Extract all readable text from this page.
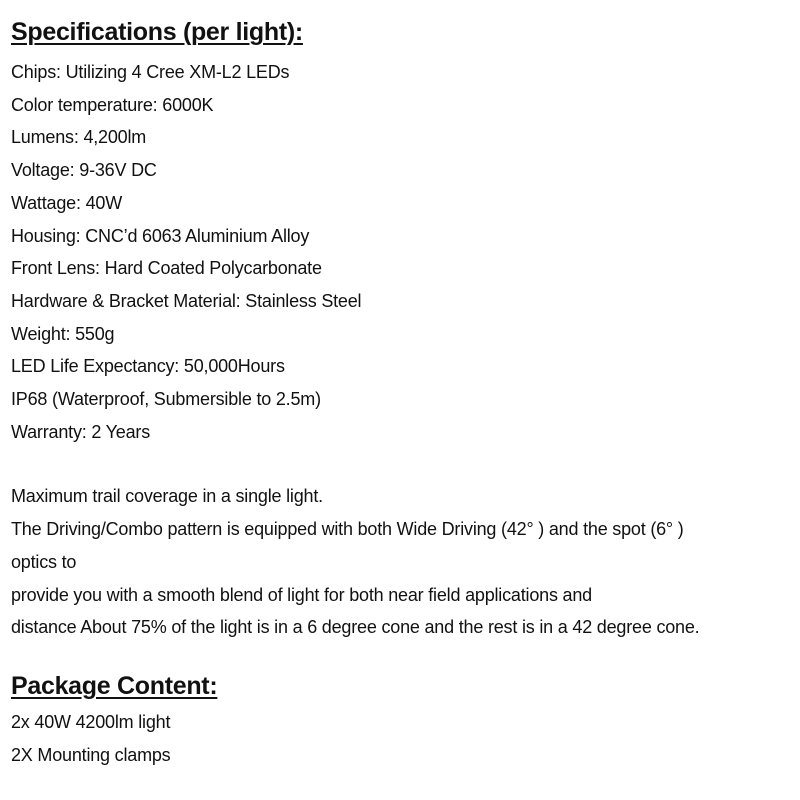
Specifications (per light):
Chips: Utilizing 4 Cree XM-L2 LEDs
Color temperature: 6000K
Lumens: 4,200lm
Voltage: 9-36V DC
Wattage: 40W
Housing: CNC’d 6063 Aluminium Alloy
Front Lens: Hard Coated Polycarbonate
Hardware & Bracket Material: Stainless Steel
Weight: 550g
LED Life Expectancy: 50,000Hours
IP68 (Waterproof, Submersible to 2.5m)
Warranty: 2 Years
Maximum trail coverage in a single light.
The Driving/Combo pattern is equipped with both Wide Driving (42° ) and the spot (6° )
optics to
provide you with a smooth blend of light for both near field applications and
distance About 75% of the light is in a 6 degree cone and the rest is in a 42 degree cone.
Package Content:
2x 40W 4200lm light
2X Mounting clamps
